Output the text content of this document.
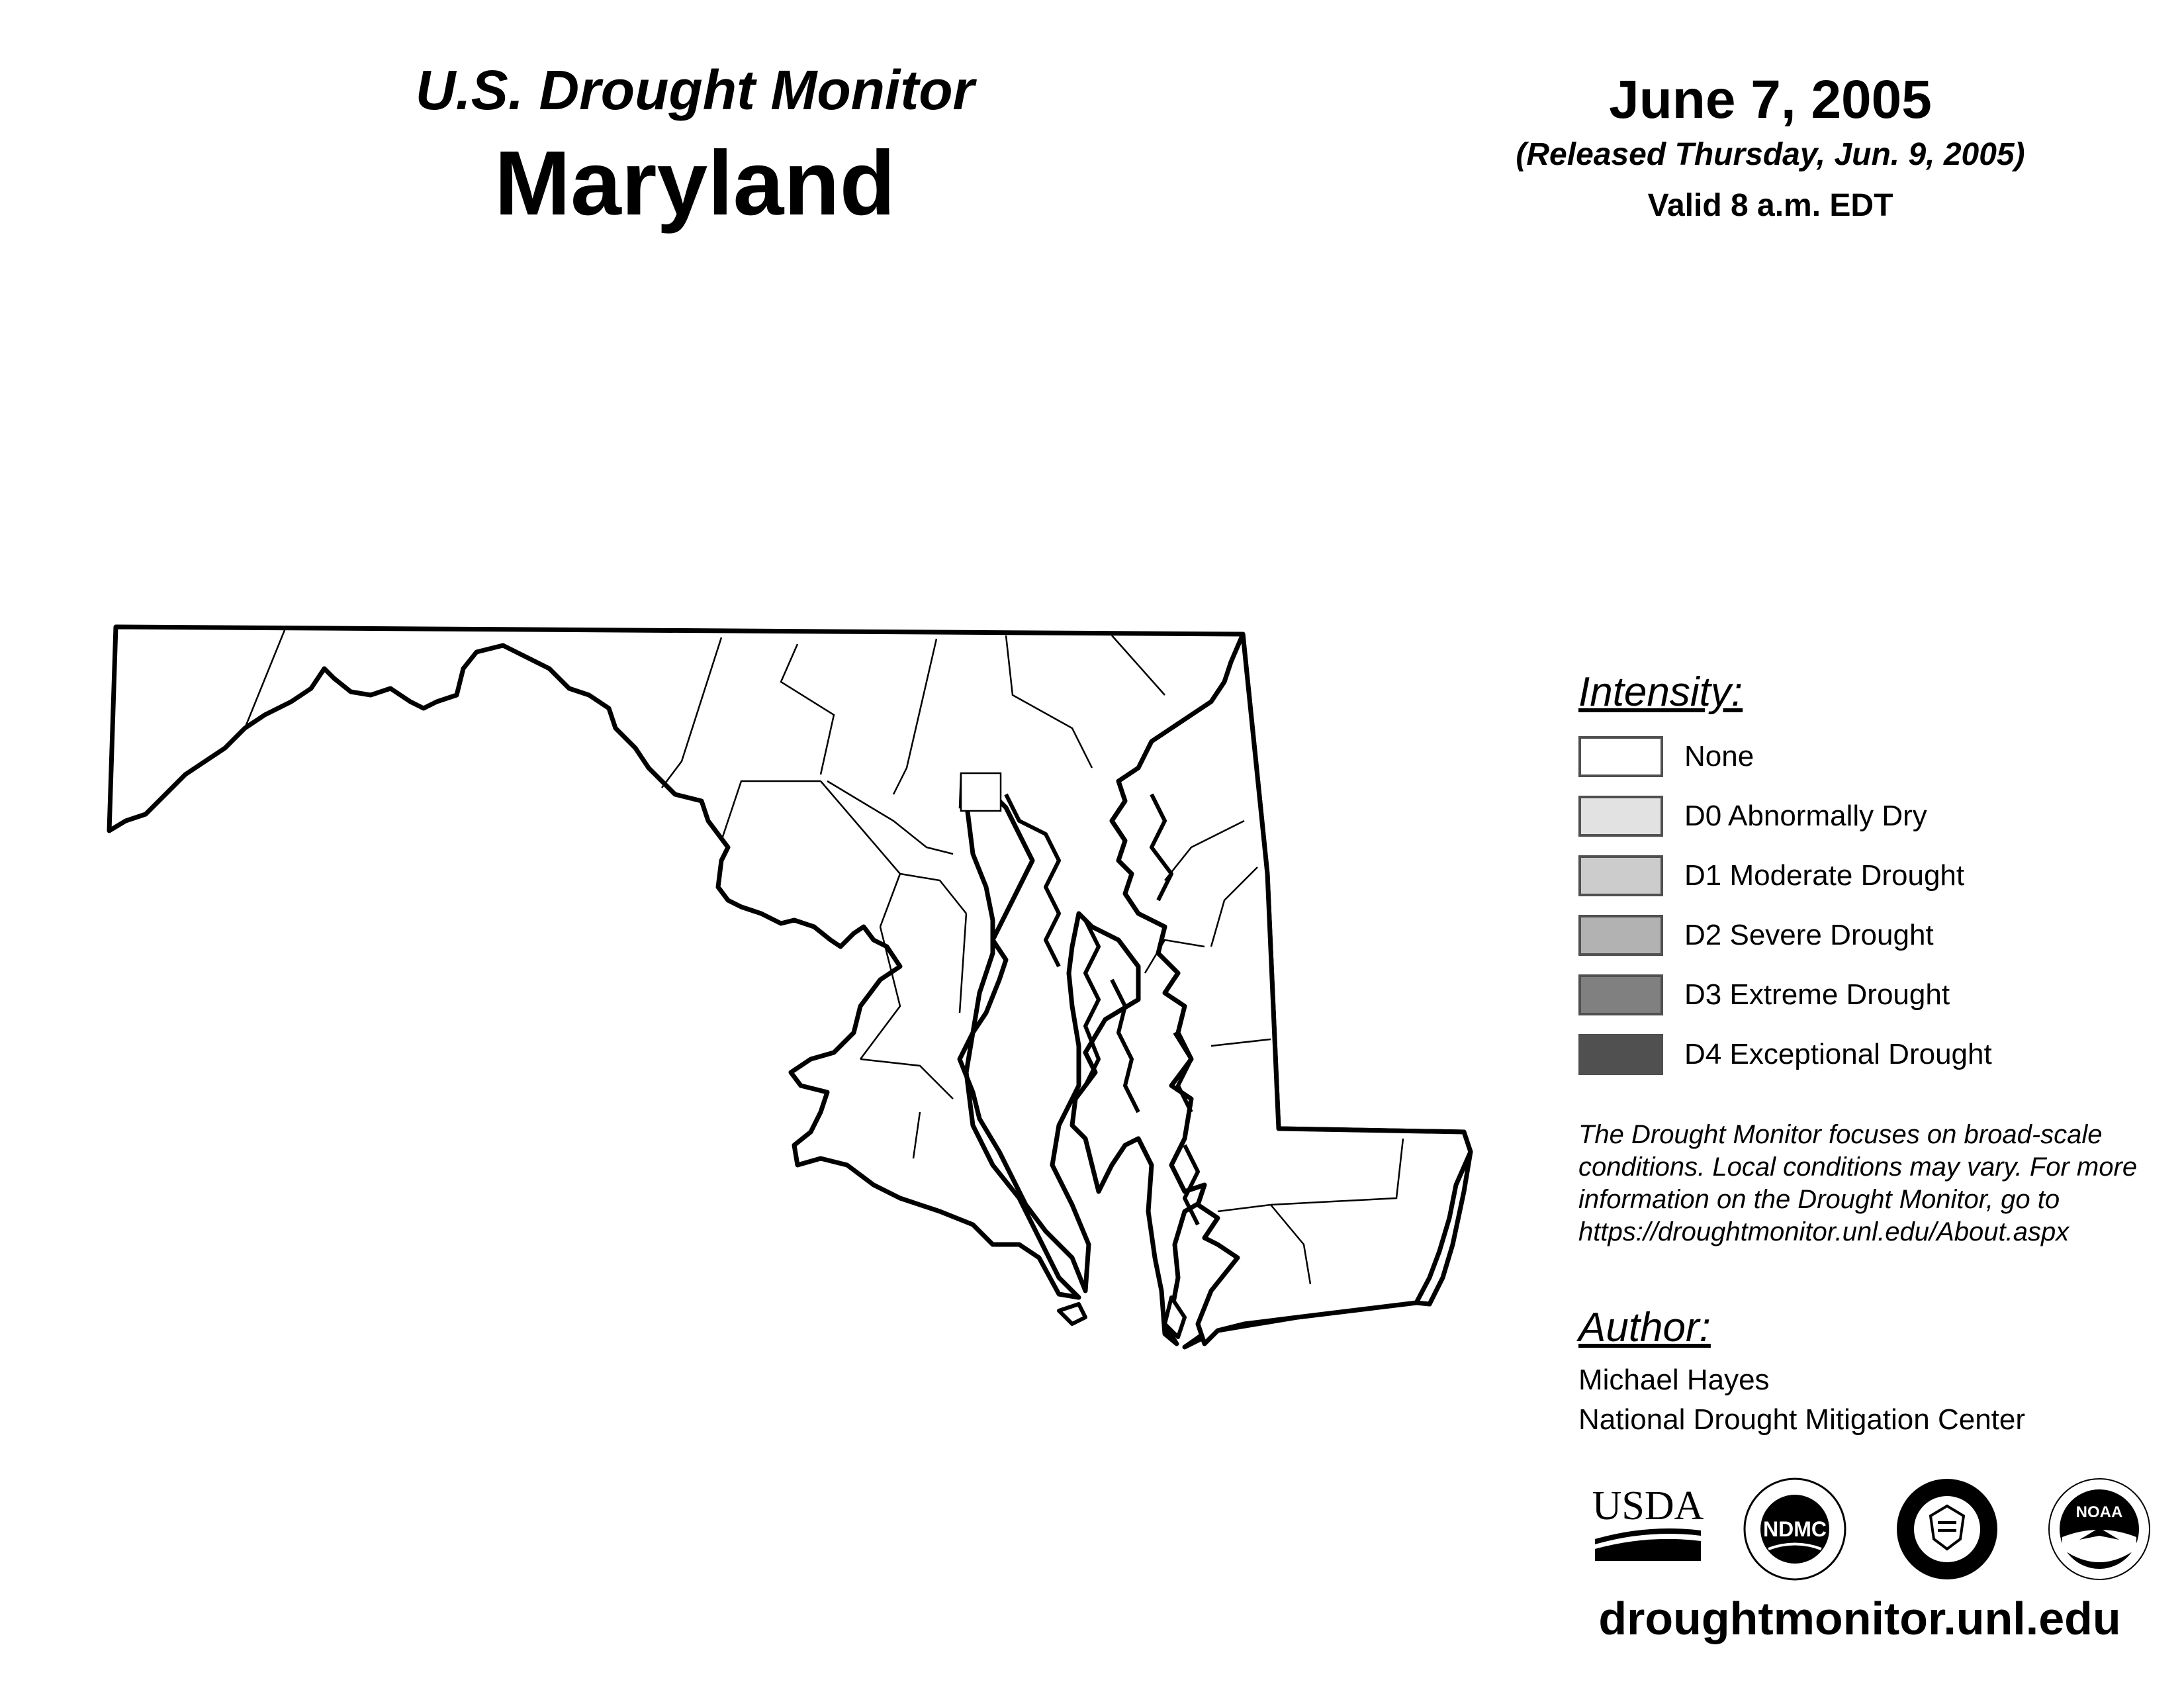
U.S. Drought Monitor
Maryland
June 7, 2005
(Released Thursday, Jun. 9, 2005)
Valid 8 a.m. EDT
Intensity:
None
D0 Abnormally Dry
D1 Moderate Drought
D2 Severe Drought
D3 Extreme Drought
D4 Exceptional Drought
The Drought Monitor focuses on broad-scale
conditions. Local conditions may vary. For more
information on the Drought Monitor, go to
https://droughtmonitor.unl.edu/About.aspx
Author:
Michael Hayes
National Drought Mitigation Center
USDA
NDMC
NOAA
droughtmonitor.unl.edu
